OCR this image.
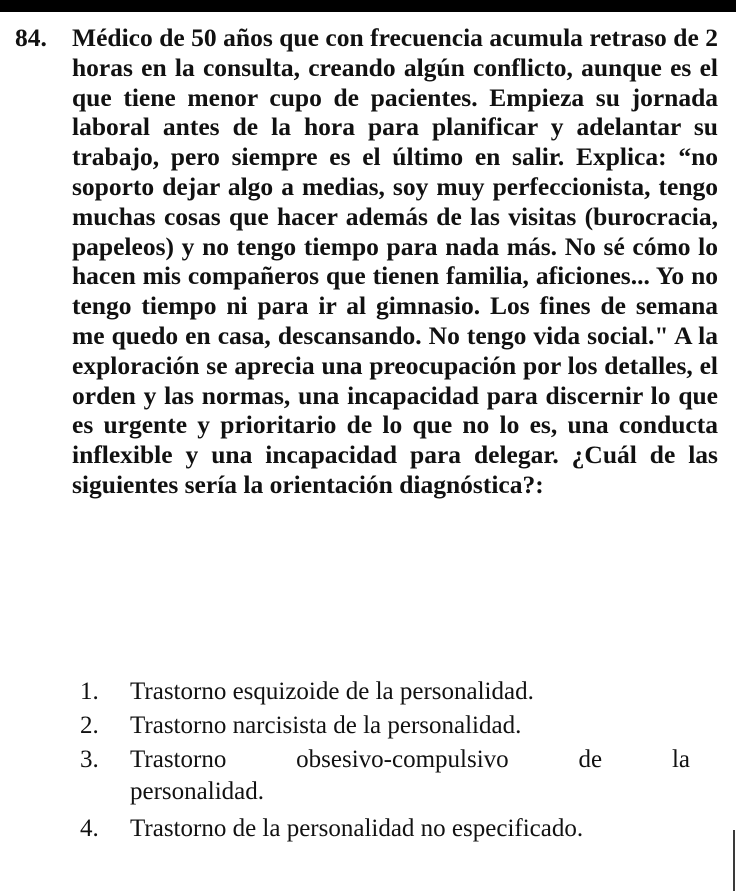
84. Médico de 50 años que con frecuencia acumula retraso de 2 horas en la consulta, creando algún conflicto, aunque es el que tiene menor cupo de pacientes. Empieza su jornada laboral antes de la hora para planificar y adelantar su trabajo, pero siempre es el último en salir. Explica: “no soporto dejar algo a medias, soy muy perfeccionista, tengo muchas cosas que hacer además de las visitas (burocracia, papeleos) y no tengo tiempo para nada más. No sé cómo lo hacen mis compañeros que tienen familia, aficiones... Yo no tengo tiempo ni para ir al gimnasio. Los fines de semana me quedo en casa, descansando. No tengo vida social." A la exploración se aprecia una preocupación por los detalles, el orden y las normas, una incapacidad para discernir lo que es urgente y prioritario de lo que no lo es, una conducta inflexible y una incapacidad para delegar. ¿Cuál de las siguientes sería la orientación diagnóstica?:

1.	Trastorno esquizoide de la personalidad.
2.	Trastorno narcisista de la personalidad.
3.	Trastorno obsesivo-compulsivo de la
personalidad.
4.	Trastorno de la personalidad no especificado.
